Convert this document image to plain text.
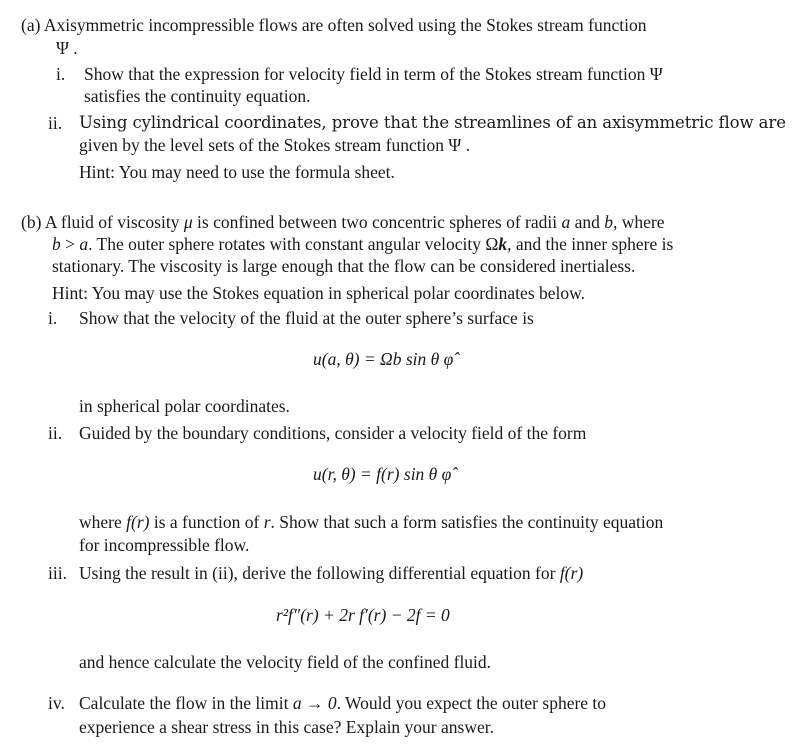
(a) Axisymmetric incompressible flows are often solved using the Stokes stream function
Ψ .
i. Show that the expression for velocity field in term of the Stokes stream function Ψ
satisfies the continuity equation.
ii. Using cylindrical coordinates, prove that the streamlines of an axisymmetric flow are
given by the level sets of the Stokes stream function Ψ .
Hint: You may need to use the formula sheet.
(b) A fluid of viscosity μ is confined between two concentric spheres of radii a and b, where
b > a. The outer sphere rotates with constant angular velocity Ωk, and the inner sphere is
stationary. The viscosity is large enough that the flow can be considered inertialess.
Hint: You may use the Stokes equation in spherical polar coordinates below.
i. Show that the velocity of the fluid at the outer sphere’s surface is
u(a, θ) = Ωb sin θ φ̂
in spherical polar coordinates.
ii. Guided by the boundary conditions, consider a velocity field of the form
u(r, θ) = f(r) sin θ φ̂
where f(r) is a function of r. Show that such a form satisfies the continuity equation
for incompressible flow.
iii. Using the result in (ii), derive the following differential equation for f(r)
r²f″(r) + 2r f′(r) − 2f = 0
and hence calculate the velocity field of the confined fluid.
iv. Calculate the flow in the limit a → 0. Would you expect the outer sphere to
experience a shear stress in this case? Explain your answer.
